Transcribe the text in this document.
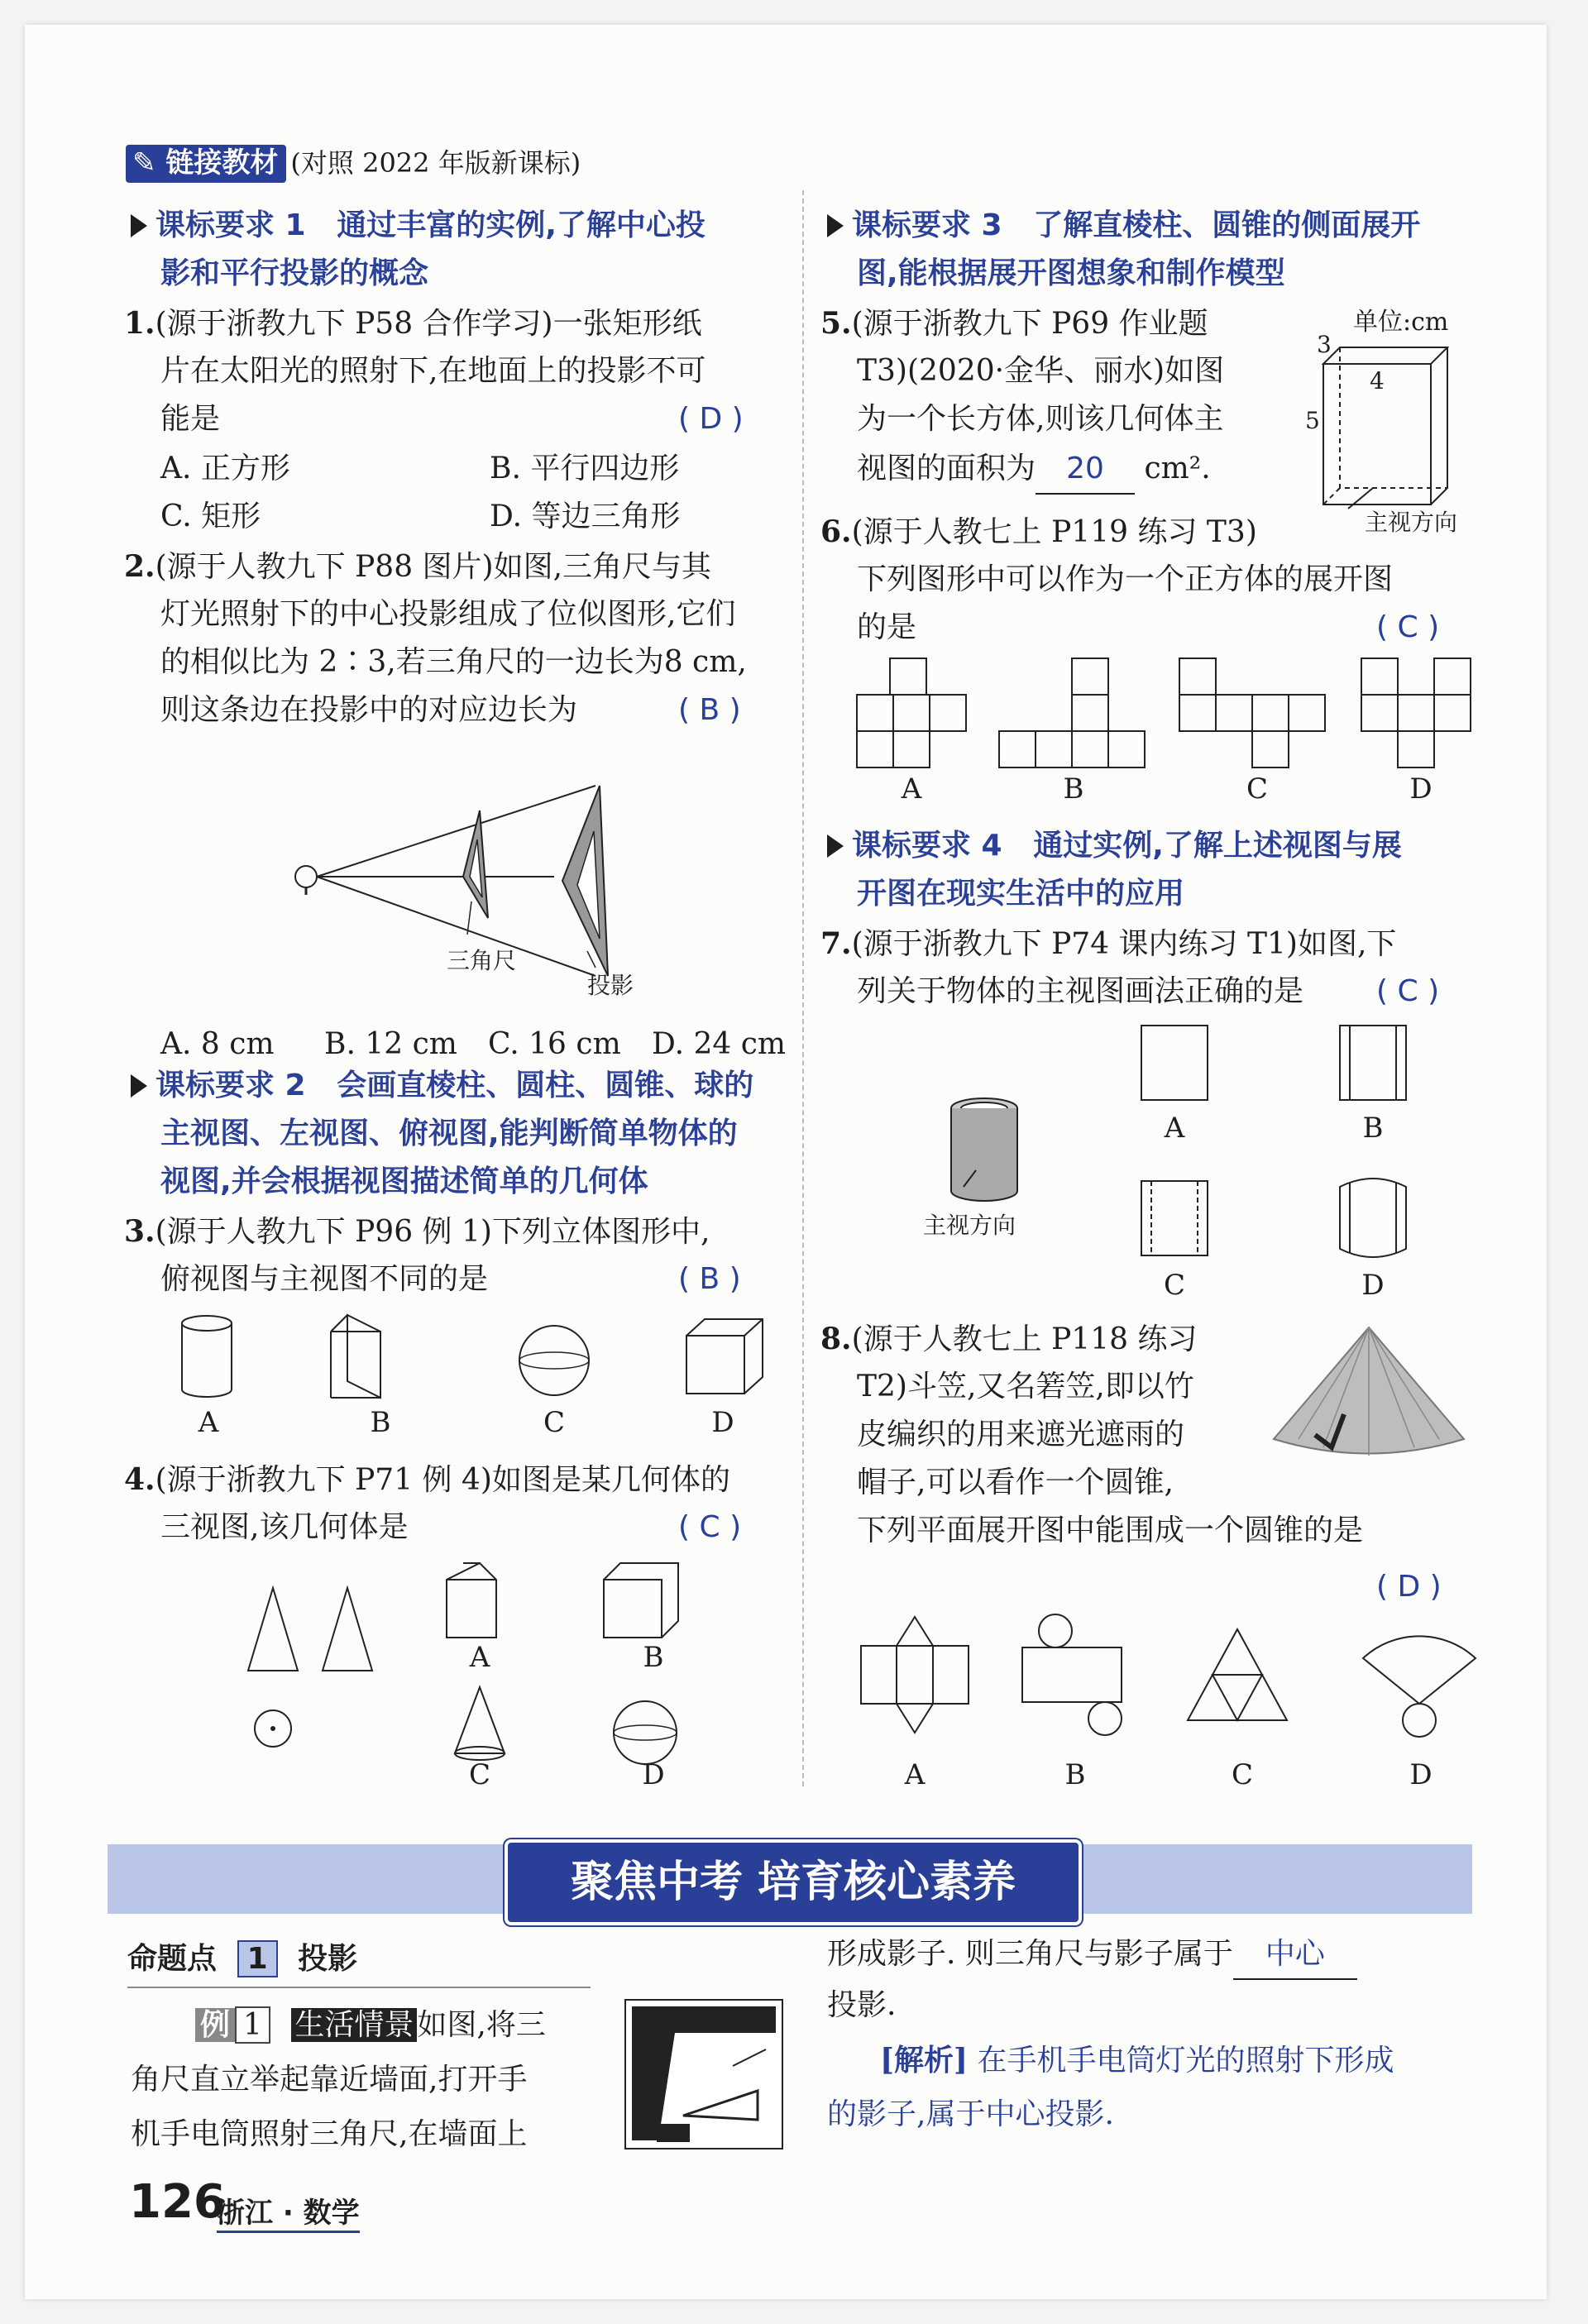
✎ 链接教材 (对照 2022 年版新课标)
课标要求 1 通过丰富的实例,了解中心投
影和平行投影的概念
1.(源于浙教九下 P58 合作学习)一张矩形纸
片在太阳光的照射下,在地面上的投影不可
能是	( D )
A. 正方形	B. 平行四边形
C. 矩形	D. 等边三角形
2.(源于人教九下 P88 图片)如图,三角尺与其
灯光照射下的中心投影组成了位似图形,它们
的相似比为 2∶3,若三角尺的一边长为8 cm,
则这条边在投影中的对应边长为	( B )
三角尺
投影
A. 8 cm B. 12 cm C. 16 cm D. 24 cm
课标要求 2 会画直棱柱、圆柱、圆锥、球的
主视图、左视图、俯视图,能判断简单物体的
视图,并会根据视图描述简单的几何体
3.(源于人教九下 P96 例 1)下列立体图形中,
俯视图与主视图不同的是	( B )
A	B	C	D
4.(源于浙教九下 P71 例 4)如图是某几何体的
三视图,该几何体是	( C )
A	B
C	D
课标要求 3 了解直棱柱、圆锥的侧面展开
图,能根据展开图想象和制作模型
5.(源于浙教九下 P69 作业题
T3)(2020·金华、丽水)如图
为一个长方体,则该几何体主
视图的面积为 20 cm².
单位:cm
3
4
5
主视方向
6.(源于人教七上 P119 练习 T3)
下列图形中可以作为一个正方体的展开图
的是	( C )
A	B	C	D
课标要求 4 通过实例,了解上述视图与展
开图在现实生活中的应用
7.(源于浙教九下 P74 课内练习 T1)如图,下
列关于物体的主视图画法正确的是 ( C )
主视方向
A	B
C	D
8.(源于人教七上 P118 练习
T2)斗笠,又名箬笠,即以竹
皮编织的用来遮光遮雨的
帽子,可以看作一个圆锥,
下列平面展开图中能围成一个圆锥的是
( D )
A	B	C	D
聚焦中考 培育核心素养
命题点 1 投影
例 1 生活情景 如图,将三
角尺直立举起靠近墙面,打开手
机手电筒照射三角尺,在墙面上
形成影子. 则三角尺与影子属于 中心
投影.
[解析] 在手机手电筒灯光的照射下形成
的影子,属于中心投影.
126
浙江 · 数学
